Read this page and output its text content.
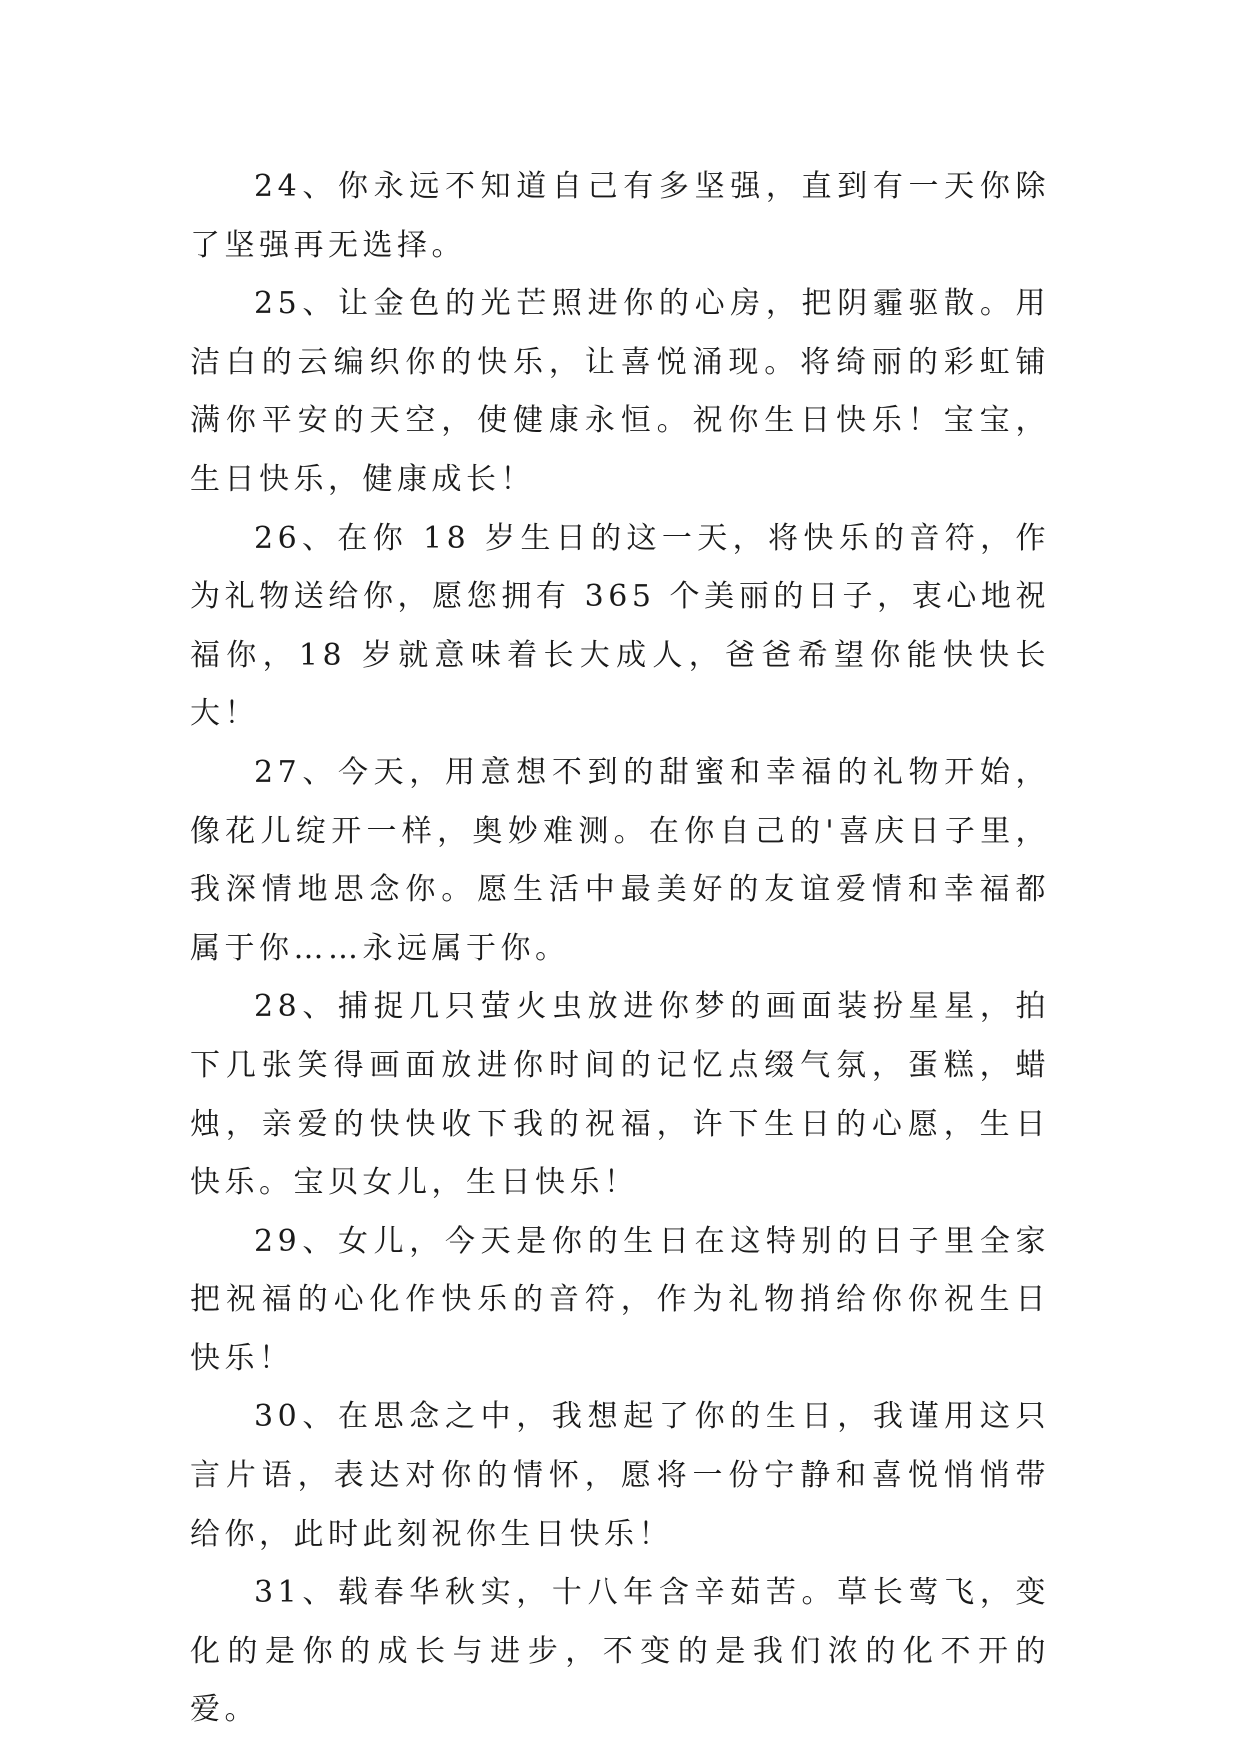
24、你永远不知道自己有多坚强，直到有一天你除了坚强再无选择。

25、让金色的光芒照进你的心房，把阴霾驱散。用洁白的云编织你的快乐，让喜悦涌现。将绮丽的彩虹铺满你平安的天空，使健康永恒。祝你生日快乐！宝宝，生日快乐，健康成长！

26、在你 18 岁生日的这一天，将快乐的音符，作为礼物送给你，愿您拥有 365 个美丽的日子，衷心地祝福你，18 岁就意味着长大成人，爸爸希望你能快快长大！

27、今天，用意想不到的甜蜜和幸福的礼物开始，像花儿绽开一样，奥妙难测。在你自己的'喜庆日子里，我深情地思念你。愿生活中最美好的友谊爱情和幸福都属于你……永远属于你。

28、捕捉几只萤火虫放进你梦的画面装扮星星，拍下几张笑得画面放进你时间的记忆点缀气氛，蛋糕，蜡烛，亲爱的快快收下我的祝福，许下生日的心愿，生日快乐。宝贝女儿，生日快乐！

29、女儿，今天是你的生日在这特别的日子里全家把祝福的心化作快乐的音符，作为礼物捎给你你祝生日快乐！

30、在思念之中，我想起了你的生日，我谨用这只言片语，表达对你的情怀，愿将一份宁静和喜悦悄悄带给你，此时此刻祝你生日快乐！

31、载春华秋实，十八年含辛茹苦。草长莺飞，变化的是你的成长与进步，不变的是我们浓的化不开的爱。
